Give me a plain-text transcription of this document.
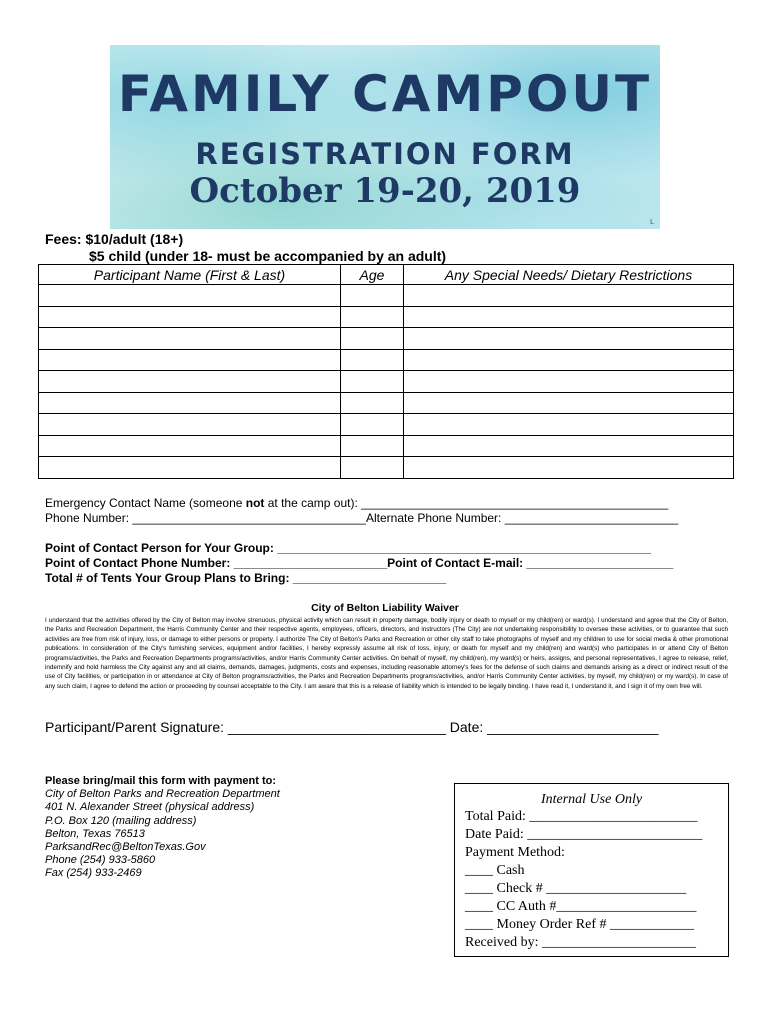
FAMILY CAMPOUT
REGISTRATION FORM
October 19-20, 2019
L
Fees: $10/adult (18+)
$5 child (under 18- must be accompanied by an adult)
Participant Name (First & Last)	Age	Any Special Needs/ Dietary Restrictions

Emergency Contact Name (someone not at the camp out): ______________________________________________
Phone Number: ___________________________________Alternate Phone Number: __________________________
Point of Contact Person for Your Group: ________________________________________________________
Point of Contact Phone Number: _______________________Point of Contact E-mail: ______________________
Total # of Tents Your Group Plans to Bring: _______________________
City of Belton Liability Waiver
I understand that the activities offered by the City of Belton may involve strenuous, physical activity which can result in property damage, bodily injury or death to myself or my child(ren) or ward(s). I understand and agree that the City of Belton, the Parks and Recreation Department, the Harris Community Center and their respective agents, employees, officers, directors, and instructors (The City) are not undertaking responsibility to oversee these activities, or to guarantee that such activities are free from risk of injury, loss, or damage to either persons or property. I authorize The City of Belton's Parks and Recreation or other city staff to take photographs of myself and my children to use for social media & other promotional publications. In consideration of the City's furnishing services, equipment and/or facilities, I hereby expressly assume all risk of loss, injury, or death for myself and my child(ren) and ward(s) who participates in or attend City of Belton programs/activities, the Parks and Recreation Departments programs/activities, and/or Harris Community Center activities. On behalf of myself, my child(ren), my ward(s) or heirs, assigns, and personal representatives, I agree to release, relief, indemnify and hold harmless the City against any and all claims, demands, damages, judgments, costs and expenses, including reasonable attorney's fees for the defense of such claims and demands arising as a direct or indirect result of the use of City facilities, or participation in or attendance at City of Belton programs/activities, the Parks and Recreation Departments programs/activities, and/or Harris Community Center activities, by myself, my child(ren) or my ward(s). In case of any such claim, I agree to defend the action or proceeding by counsel acceptable to the City. I am aware that this is a release of liability which is intended to be legally binding. I have read it, I understand it, and I sign it of my own free will.
Participant/Parent Signature: ____________________________ Date: ______________________
Please bring/mail this form with payment to:
City of Belton Parks and Recreation Department
401 N. Alexander Street (physical address)
P.O. Box 120 (mailing address)
Belton, Texas 76513
ParksandRec@BeltonTexas.Gov
Phone (254) 933-5860
Fax (254) 933-2469
Internal Use Only
Total Paid: ________________________
Date Paid: _________________________
Payment Method:
____ Cash
____ Check # ____________________
____ CC Auth #____________________
____ Money Order Ref # ____________
Received by: ______________________
